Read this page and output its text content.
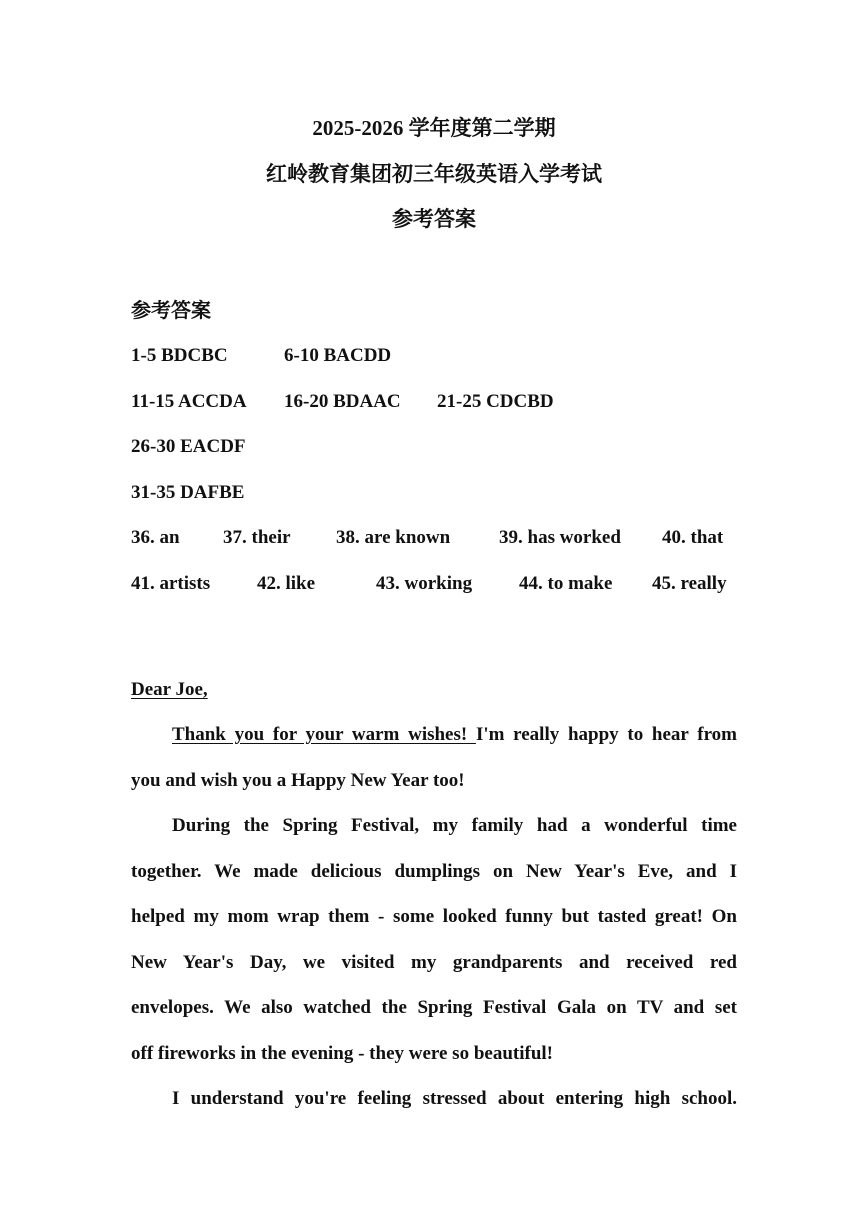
2025-2026 学年度第二学期
红岭教育集团初三年级英语入学考试
参考答案
参考答案
1-5 BDCBC	6-10 BACDD
11-15 ACCDA 16-20 BDAAC 21-25 CDCBD
26-30 EACDF
31-35 DAFBE
36. an 37. their 38. are known	39. has worked 40. that
41. artists 42. like	43. working 44. to make 45. really
Dear Joe,
Thank you for your warm wishes! I'm really happy to hear from
you and wish you a Happy New Year too!
During the Spring Festival, my family had a wonderful time
together. We made delicious dumplings on New Year's Eve, and I
helped my mom wrap them - some looked funny but tasted great! On
New Year's Day, we visited my grandparents and received red
envelopes. We also watched the Spring Festival Gala on TV and set
off fireworks in the evening - they were so beautiful!
I understand you're feeling stressed about entering high school.
